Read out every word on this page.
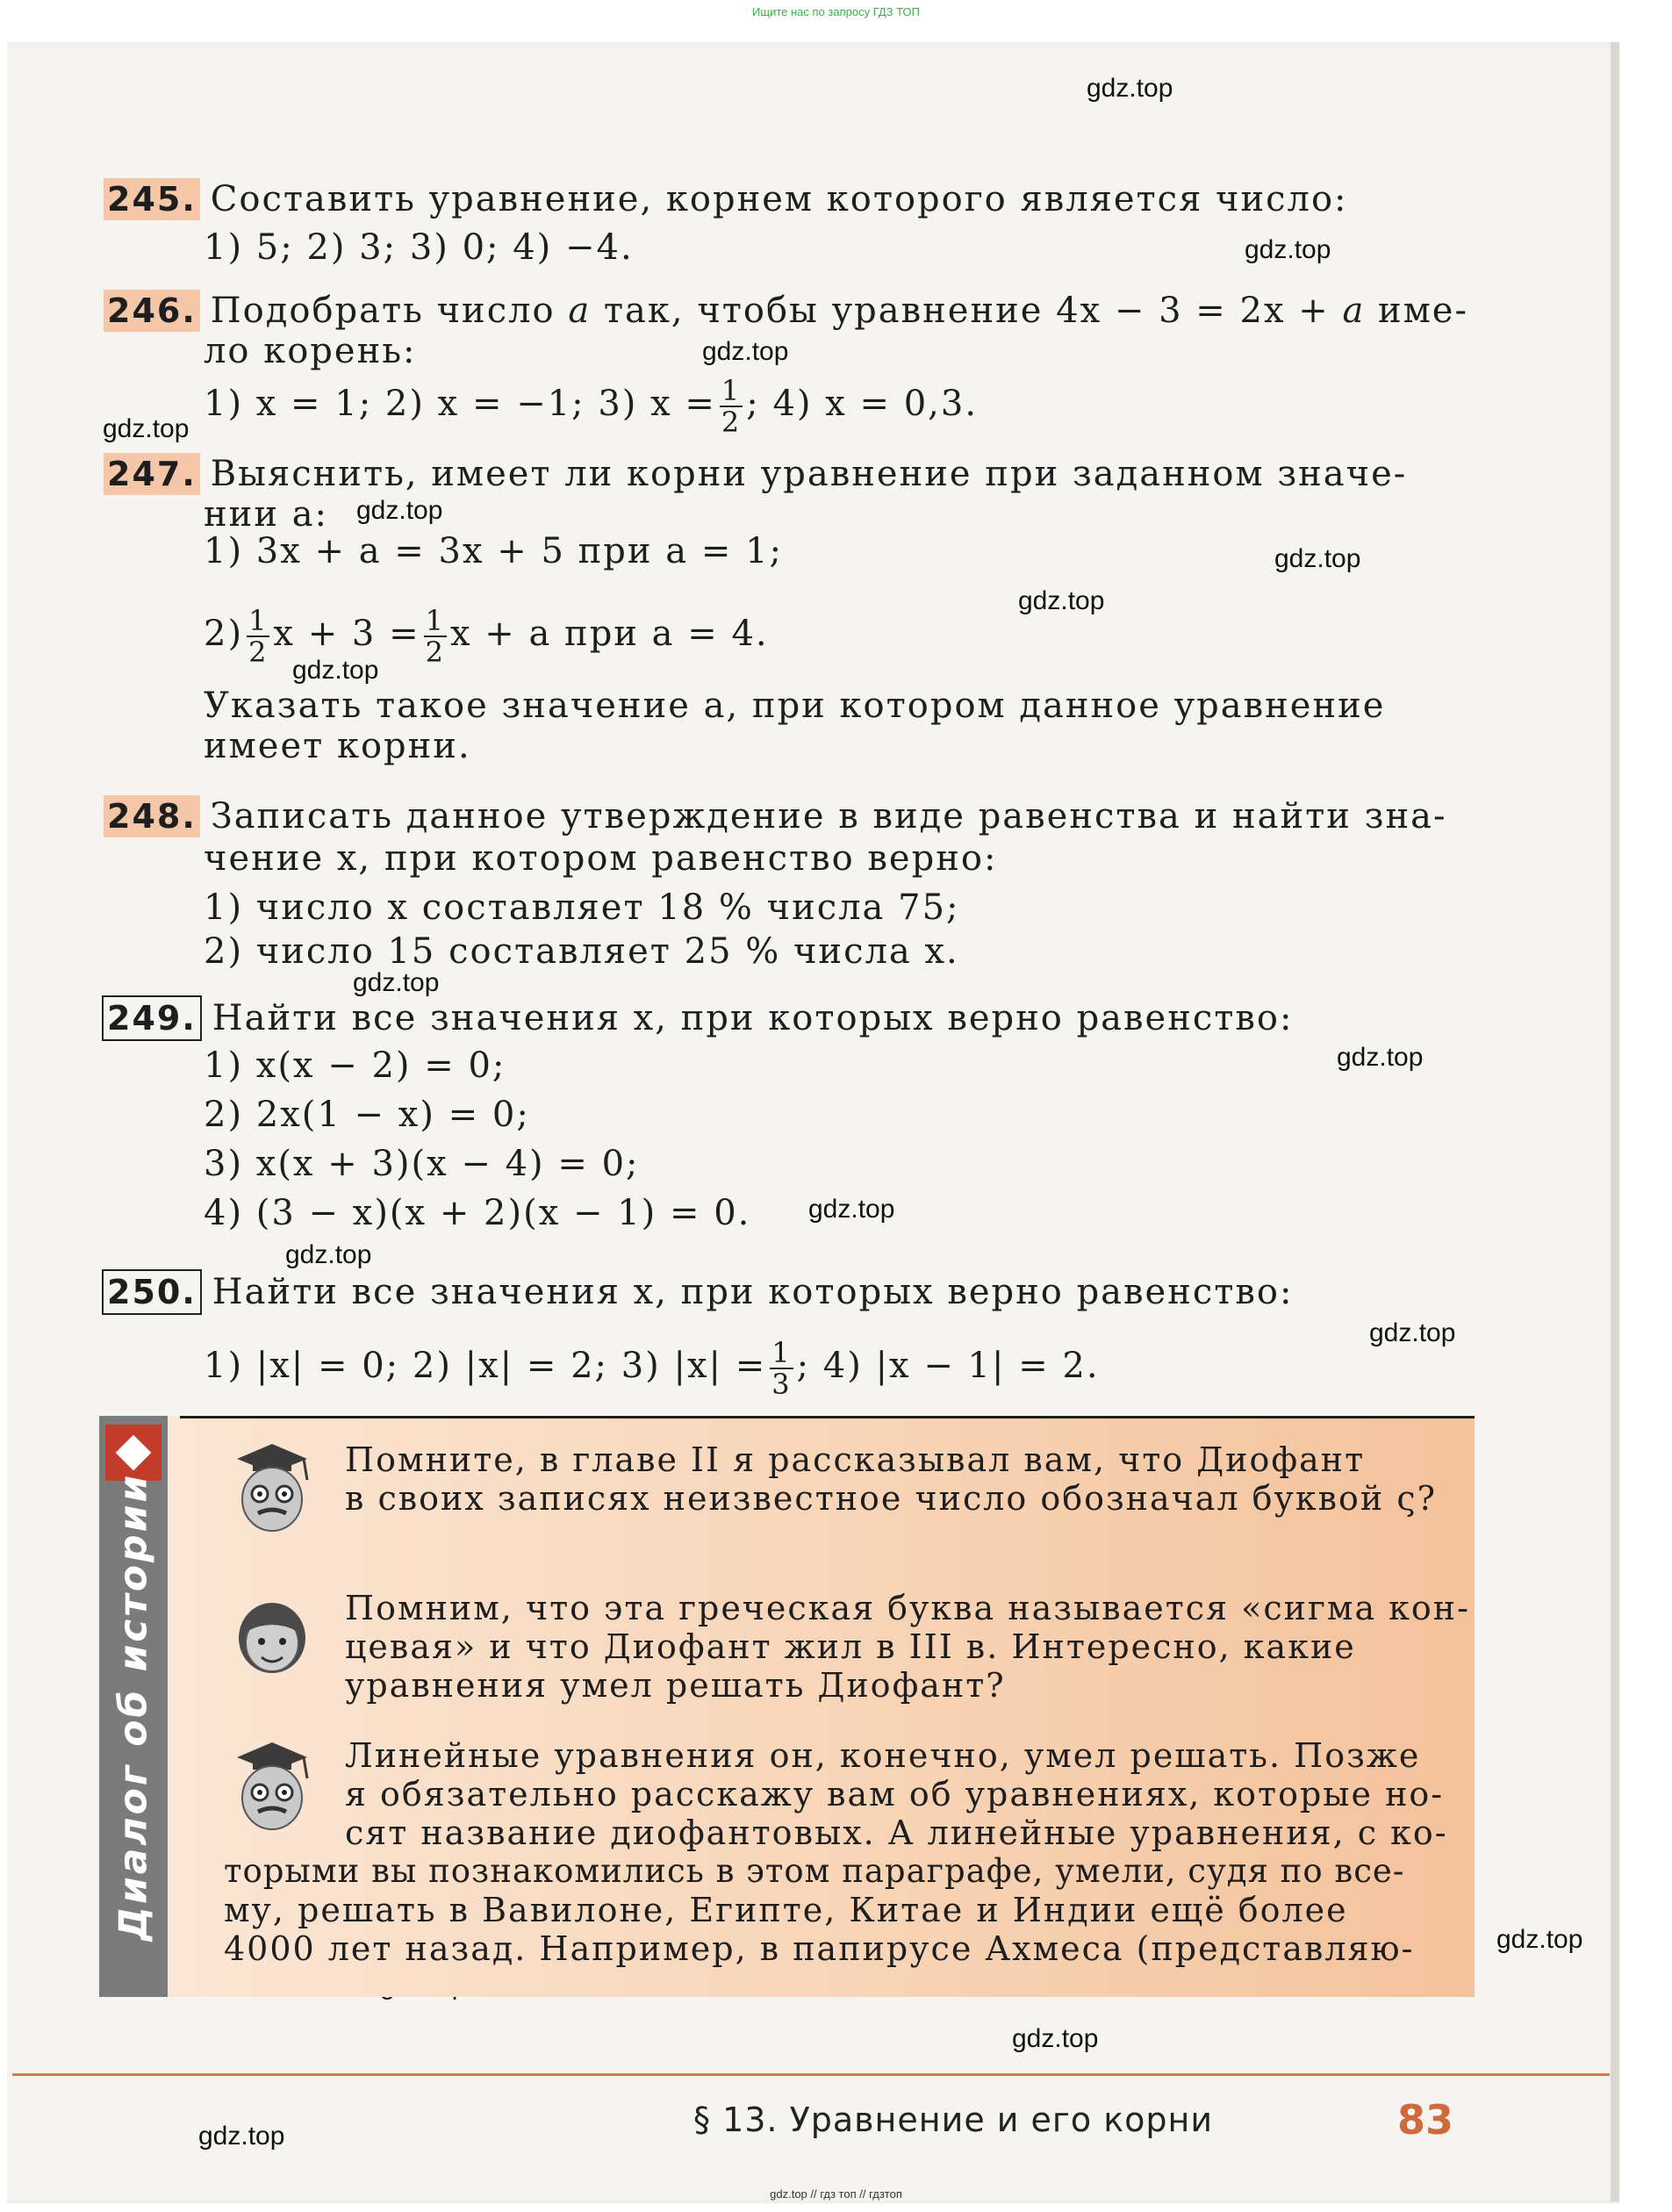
Ищите нас по запросу ГДЗ ТОП
gdz.top
gdz.top
gdz.top
gdz.top
gdz.top
gdz.top
gdz.top
gdz.top
gdz.top
gdz.top
gdz.top
gdz.top
gdz.top
gdz.top
gdz.top
gdz.top
245. Составить уравнение, корнем которого является число:
1) 5; 2) 3; 3) 0; 4) −4.
246. Подобрать число a так, чтобы уравнение 4x − 3 = 2x + a име-
ло корень:
1) x = 1; 2) x = −1; 3) $x = \frac{1}{2}$ ; 4) x = 0,3.
247. Выяснить, имеет ли корни уравнение при заданном значе-
нии a:
1) 3x + a = 3x + 5 при a = 1;
$2) \frac{1}{2}$ $x + 3 = \frac{1}{2}$ x + a при a = 4.
Указать такое значение a, при котором данное уравнение
имеет корни.
248. Записать данное утверждение в виде равенства и найти зна-
чение x, при котором равенство верно:
1) число x составляет 18 % числа 75;
2) число 15 составляет 25 % числа x.
249. Найти все значения x, при которых верно равенство:
1) x(x − 2) = 0;
2) 2x(1 − x) = 0;
3) x(x + 3)(x − 4) = 0;
4) (3 − x)(x + 2)(x − 1) = 0.
250. Найти все значения x, при которых верно равенство:
1) |x| = 0; 2) |x| = 2; 3) $|x| = \frac{1}{3}$ ; 4) |x − 1| = 2.
Диалог об истории
Помните, в главе II я рассказывал вам, что Диофант
в своих записях неизвестное число обозначал буквой ς?
Помним, что эта греческая буква называется «сигма кон-
цевая» и что Диофант жил в III в. Интересно, какие
уравнения умел решать Диофант?
Линейные уравнения он, конечно, умел решать. Позже
я обязательно расскажу вам об уравнениях, которые но-
сят название диофантовых. А линейные уравнения, с ко-
торыми вы познакомились в этом параграфе, умели, судя по все-
му, решать в Вавилоне, Египте, Китае и Индии ещё более
4000 лет назад. Например, в папирусе Ахмеса (представляю-
§ 13. Уравнение и его корни	83
gdz.top // гдз топ // гдзтоп
